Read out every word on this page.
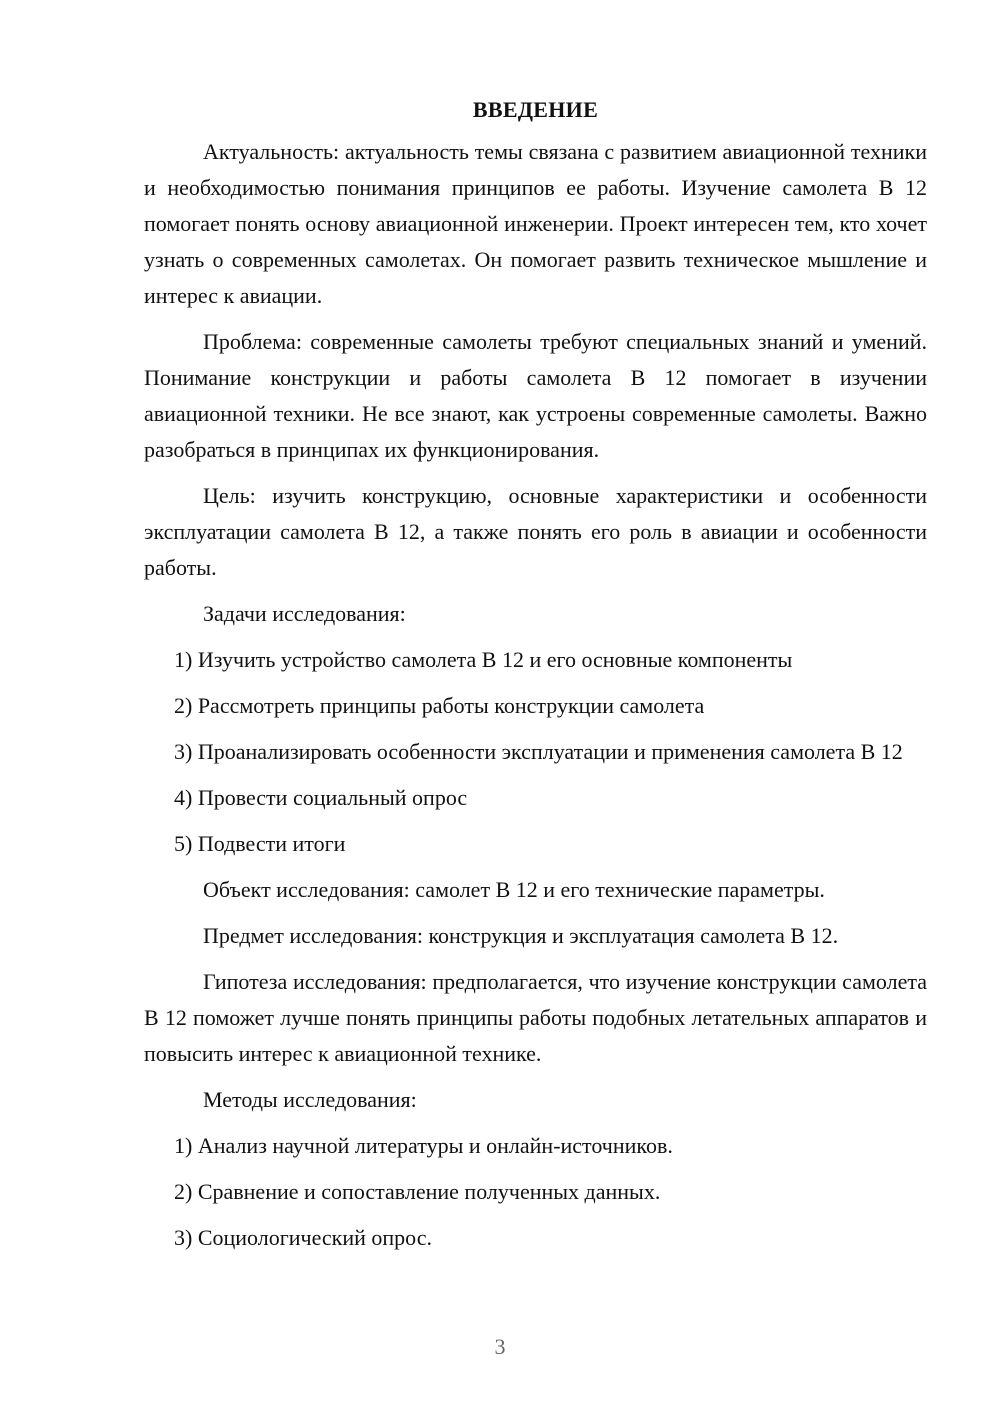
ВВЕДЕНИЕ

Актуальность: актуальность темы связана с развитием авиационной техники и необходимостью понимания принципов ее работы. Изучение самолета B 12 помогает понять основу авиационной инженерии. Проект интересен тем, кто хочет узнать о современных самолетах. Он помогает развить техническое мышление и интерес к авиации.

Проблема: современные самолеты требуют специальных знаний и умений. Понимание конструкции и работы самолета B 12 помогает в изучении авиационной техники. Не все знают, как устроены современные самолеты. Важно разобраться в принципах их функционирования.

Цель: изучить конструкцию, основные характеристики и особенности эксплуатации самолета B 12, а также понять его роль в авиации и особенности работы.

Задачи исследования:

1) Изучить устройство самолета B 12 и его основные компоненты

2) Рассмотреть принципы работы конструкции самолета

3) Проанализировать особенности эксплуатации и применения самолета B 12

4) Провести социальный опрос

5) Подвести итоги

Объект исследования: самолет B 12 и его технические параметры.

Предмет исследования: конструкция и эксплуатация самолета B 12.

Гипотеза исследования: предполагается, что изучение конструкции самолета B 12 поможет лучше понять принципы работы подобных летательных аппаратов и повысить интерес к авиационной технике.

Методы исследования:

1) Анализ научной литературы и онлайн-источников.

2) Сравнение и сопоставление полученных данных.

3) Социологический опрос.

3
